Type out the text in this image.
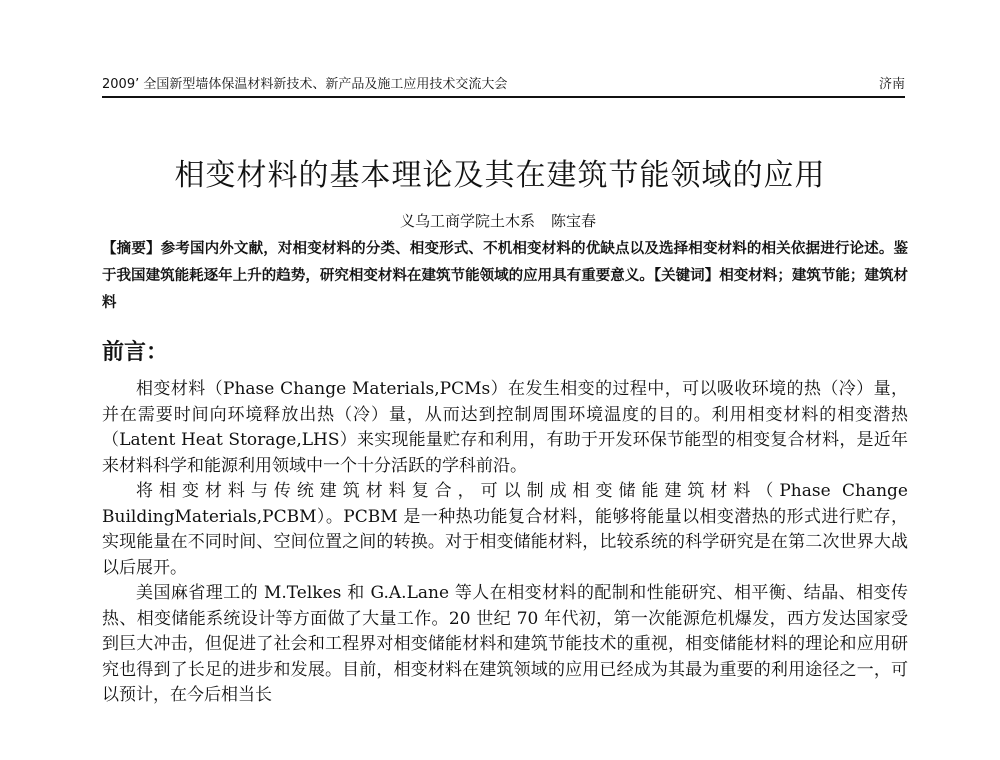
2009’ 全国新型墙体保温材料新技术、新产品及施工应用技术交流大会	济南
相变材料的基本理论及其在建筑节能领域的应用
义乌工商学院土木系 陈宝春
【摘要】参考国内外文献，对相变材料的分类、相变形式、不机相变材料的优缺点以及选择相变材料的相关依据进行论述。鉴于我国建筑能耗逐年上升的趋势，研究相变材料在建筑节能领域的应用具有重要意义。【关键词】相变材料；建筑节能；建筑材料
前言：

相变材料（Phase Change Materials,PCMs）在发生相变的过程中，可以吸收环境的热（冷）量，并在需要时间向环境释放出热（冷）量，从而达到控制周围环境温度的目的。利用相变材料的相变潜热（Latent Heat Storage,LHS）来实现能量贮存和利用，有助于开发环保节能型的相变复合材料，是近年来材料科学和能源利用领域中一个十分活跃的学科前沿。

将相变材料与传统建筑材料复合，可以制成相变储能建筑材料（Phase Change BuildingMaterials,PCBM）。PCBM 是一种热功能复合材料，能够将能量以相变潜热的形式进行贮存，实现能量在不同时间、空间位置之间的转换。对于相变储能材料，比较系统的科学研究是在第二次世界大战以后展开。

美国麻省理工的 M.Telkes 和 G.A.Lane 等人在相变材料的配制和性能研究、相平衡、结晶、相变传热、相变储能系统设计等方面做了大量工作。20 世纪 70 年代初，第一次能源危机爆发，西方发达国家受到巨大冲击，但促进了社会和工程界对相变储能材料和建筑节能技术的重视，相变储能材料的理论和应用研究也得到了长足的进步和发展。目前，相变材料在建筑领域的应用已经成为其最为重要的利用途径之一，可以预计，在今后相当长
